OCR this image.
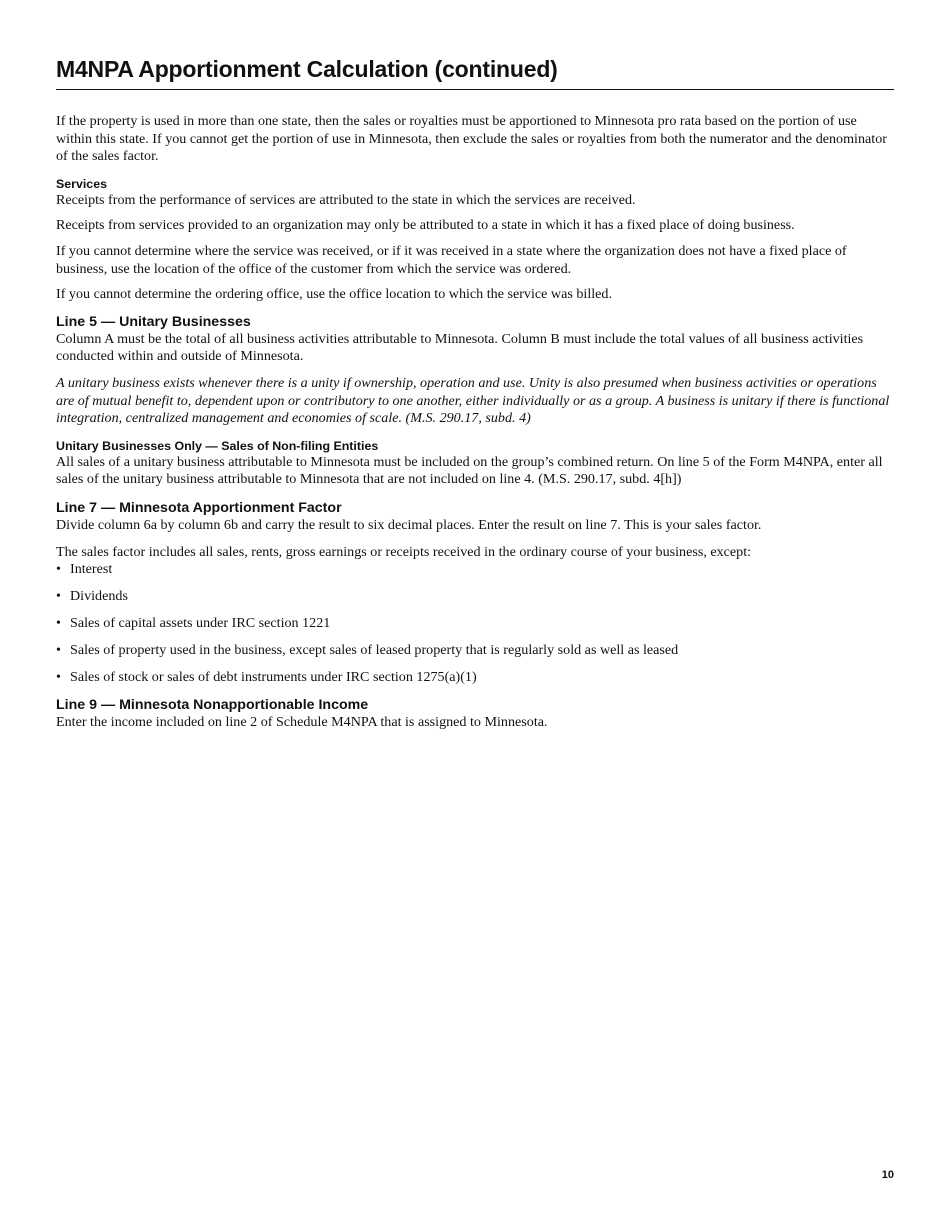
M4NPA Apportionment Calculation (continued)

If the property is used in more than one state, then the sales or royalties must be apportioned to Minnesota pro rata based on the portion of use within this state. If you cannot get the portion of use in Minnesota, then exclude the sales or royalties from both the numerator and the denominator of the sales factor.

Services

Receipts from the performance of services are attributed to the state in which the services are received.

Receipts from services provided to an organization may only be attributed to a state in which it has a fixed place of doing business.

If you cannot determine where the service was received, or if it was received in a state where the organization does not have a fixed place of business, use the location of the office of the customer from which the service was ordered.

If you cannot determine the ordering office, use the office location to which the service was billed.

Line 5 — Unitary Businesses

Column A must be the total of all business activities attributable to Minnesota. Column B must include the total values of all business activities conducted within and outside of Minnesota.

A unitary business exists whenever there is a unity if ownership, operation and use. Unity is also presumed when business activities or operations are of mutual benefit to, dependent upon or contributory to one another, either individually or as a group. A business is unitary if there is functional integration, centralized management and economies of scale. (M.S. 290.17, subd. 4)

Unitary Businesses Only — Sales of Non-filing Entities

All sales of a unitary business attributable to Minnesota must be included on the group’s combined return. On line 5 of the Form M4NPA, enter all sales of the unitary business attributable to Minnesota that are not included on line 4. (M.S. 290.17, subd. 4[h])

Line 7 — Minnesota Apportionment Factor

Divide column 6a by column 6b and carry the result to six decimal places. Enter the result on line 7. This is your sales factor.

The sales factor includes all sales, rents, gross earnings or receipts received in the ordinary course of your business, except:

• Interest
• Dividends
• Sales of capital assets under IRC section 1221
• Sales of property used in the business, except sales of leased property that is regularly sold as well as leased
• Sales of stock or sales of debt instruments under IRC section 1275(a)(1)
Line 9 — Minnesota Nonapportionable Income

Enter the income included on line 2 of Schedule M4NPA that is assigned to Minnesota.

10
